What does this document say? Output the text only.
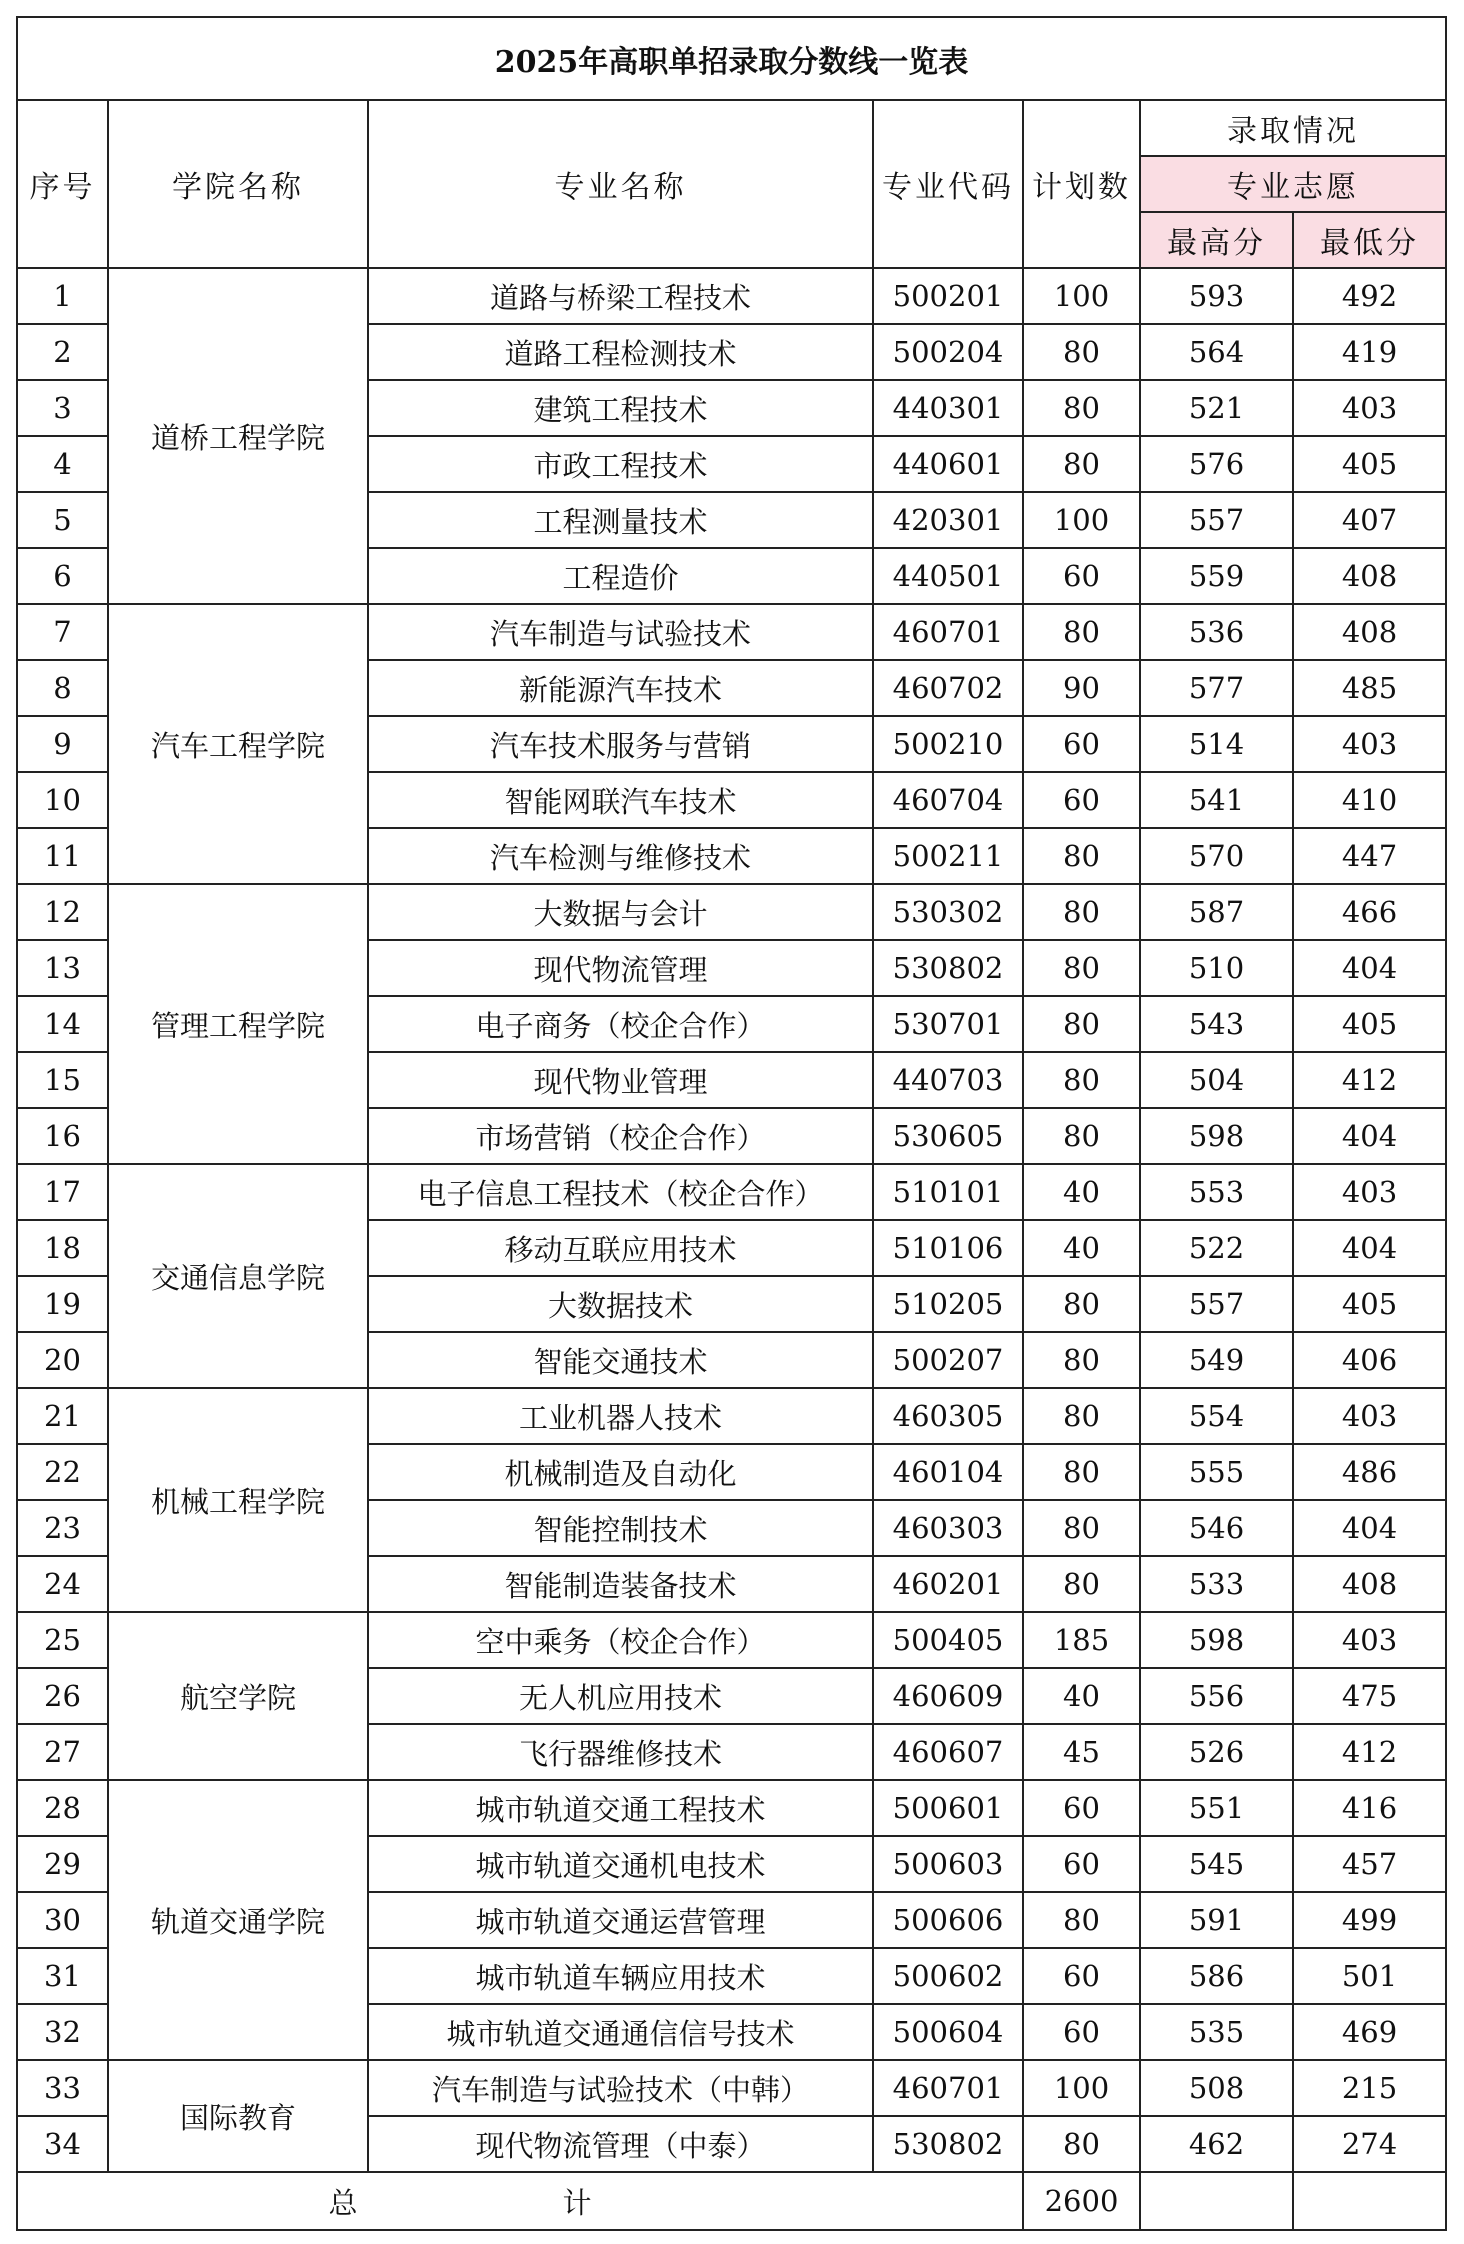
2025年高职单招录取分数线一览表						
序号	学院名称	专业名称	专业代码	计划数	录取情况	
					专业志愿	
					最高分	最低分
1	道桥工程学院	道路与桥梁工程技术	500201	100	593	492
2		道路工程检测技术	500204	80	564	419
3		建筑工程技术	440301	80	521	403
4		市政工程技术	440601	80	576	405
5		工程测量技术	420301	100	557	407
6		工程造价	440501	60	559	408
7	汽车工程学院	汽车制造与试验技术	460701	80	536	408
8		新能源汽车技术	460702	90	577	485
9		汽车技术服务与营销	500210	60	514	403
10		智能网联汽车技术	460704	60	541	410
11		汽车检测与维修技术	500211	80	570	447
12	管理工程学院	大数据与会计	530302	80	587	466
13		现代物流管理	530802	80	510	404
14		电子商务（校企合作）	530701	80	543	405
15		现代物业管理	440703	80	504	412
16		市场营销（校企合作）	530605	80	598	404
17	交通信息学院	电子信息工程技术（校企合作）	510101	40	553	403
18		移动互联应用技术	510106	40	522	404
19		大数据技术	510205	80	557	405
20		智能交通技术	500207	80	549	406
21	机械工程学院	工业机器人技术	460305	80	554	403
22		机械制造及自动化	460104	80	555	486
23		智能控制技术	460303	80	546	404
24		智能制造装备技术	460201	80	533	408
25	航空学院	空中乘务（校企合作）	500405	185	598	403
26		无人机应用技术	460609	40	556	475
27		飞行器维修技术	460607	45	526	412
28	轨道交通学院	城市轨道交通工程技术	500601	60	551	416
29		城市轨道交通机电技术	500603	60	545	457
30		城市轨道交通运营管理	500606	80	591	499
31		城市轨道车辆应用技术	500602	60	586	501
32		城市轨道交通通信信号技术	500604	60	535	469
33	国际教育	汽车制造与试验技术（中韩）	460701	100	508	215
34		现代物流管理（中泰）	530802	80	462	274
总 计				2600		
